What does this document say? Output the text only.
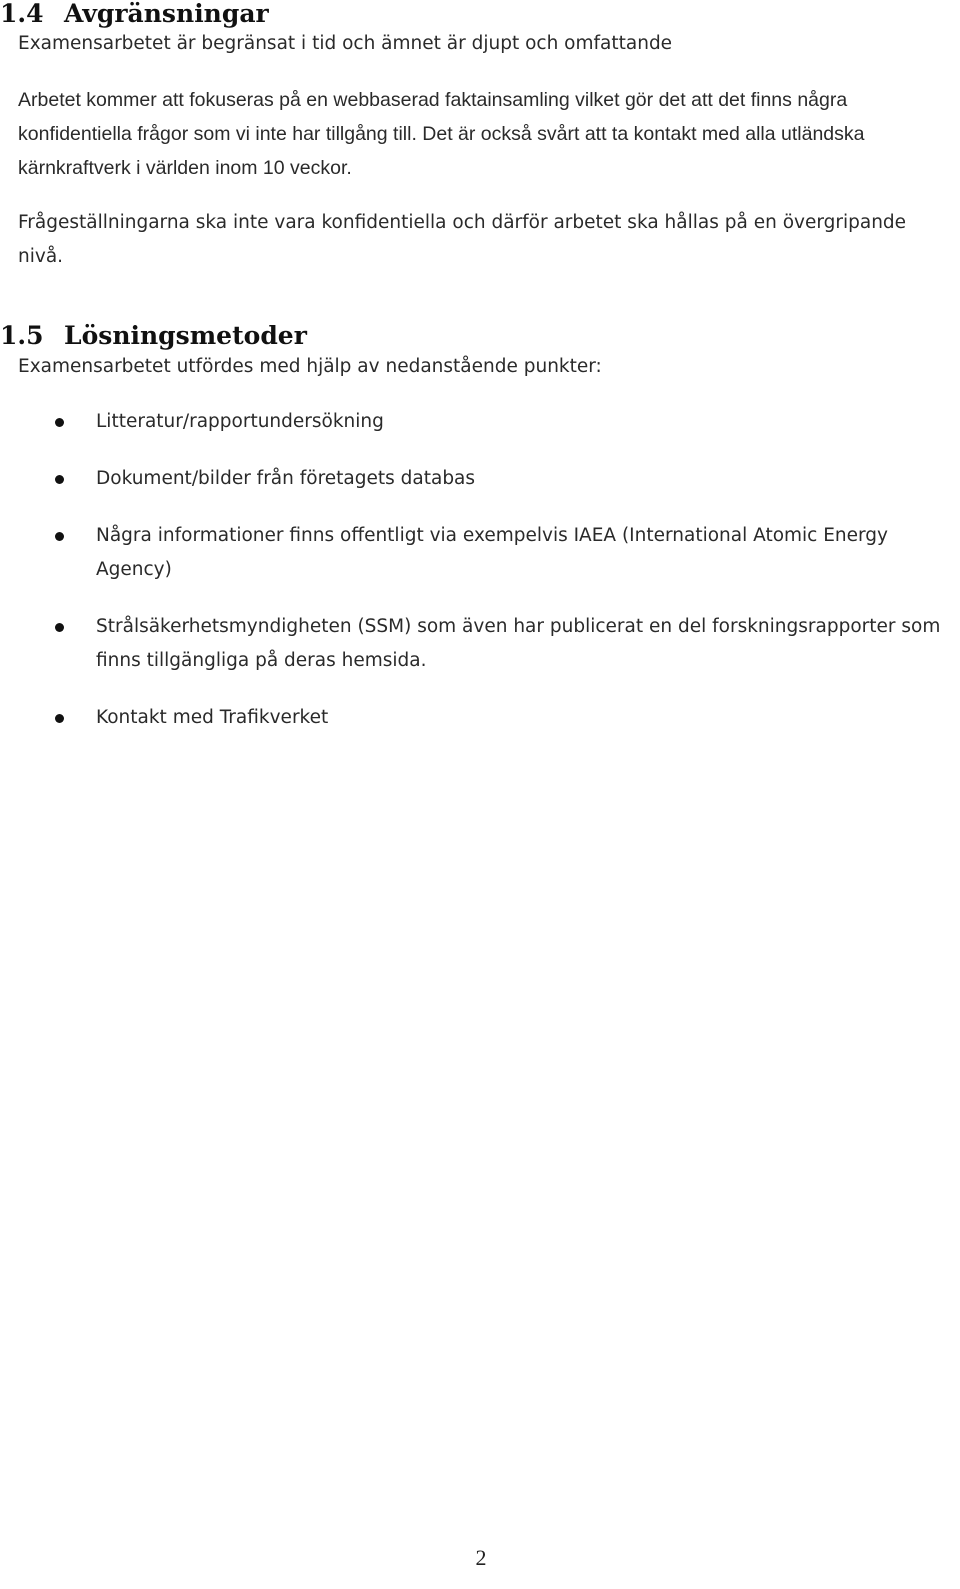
1.4 Avgränsningar

Examensarbetet är begränsat i tid och ämnet är djupt och omfattande

Arbetet kommer att fokuseras på en webbaserad faktainsamling vilket gör det att det finns några konfidentiella frågor som vi inte har tillgång till. Det är också svårt att ta kontakt med alla utländska kärnkraftverk i världen inom 10 veckor.

Frågeställningarna ska inte vara konfidentiella och därför arbetet ska hållas på en övergripande nivå.

1.5 Lösningsmetoder

Examensarbetet utfördes med hjälp av nedanstående punkter:

Litteratur/rapportundersökning
Dokument/bilder från företagets databas
Några informationer finns offentligt via exempelvis IAEA (International Atomic Energy Agency)
Strålsäkerhetsmyndigheten (SSM) som även har publicerat en del forskningsrapporter som finns tillgängliga på deras hemsida.
Kontakt med Trafikverket
2
